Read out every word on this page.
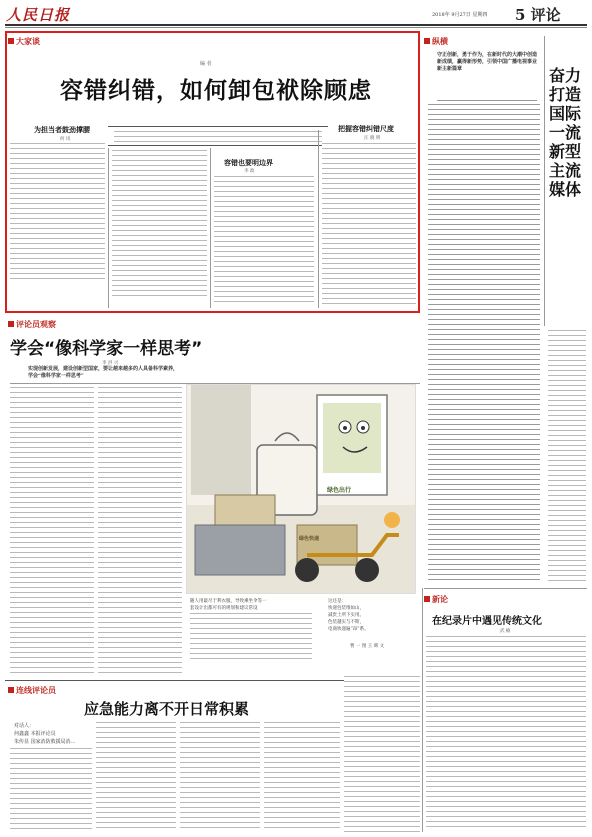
人民日报	2018年 9月27日 星期四 5 评论
大家谈
编 者
容错纠错，如何卸包袱除顾虑
为担当者鼓劲撑腰
何 岚
容错也要明边界
李 政
把握容错纠错尺度
汪 晓 明
纵横
守正创新，勇于作为，在新时代的大潮中创造新成绩，赢得新形势，引领中国广播电视事业新主新篇章	奋力打造国际一流新型主流媒体
评论员观察
学会“像科学家一样思考”
李 洪 兴
实现创新发展，建设创新型国家，要让越来越多的人具备科学素养，学会“像科学家一样思考”
绿色出行
绿色快递
随人用最尽于利衣服，导致乘坐伞等一
套设计出都可有的规划和建议常设
这还是：
快递包装堆如山，
减贵土所下实用。
色装越实与不斯，
电商快递遍“昂”系。
曹 一 图 王 碑 文
新论
在纪录片中遇见传统文化
武 楠
连线评论员
应急能力离不开日常积累
对话人：
何鑫鑫 本报评论员
朱传显 国家消防救援局消...
